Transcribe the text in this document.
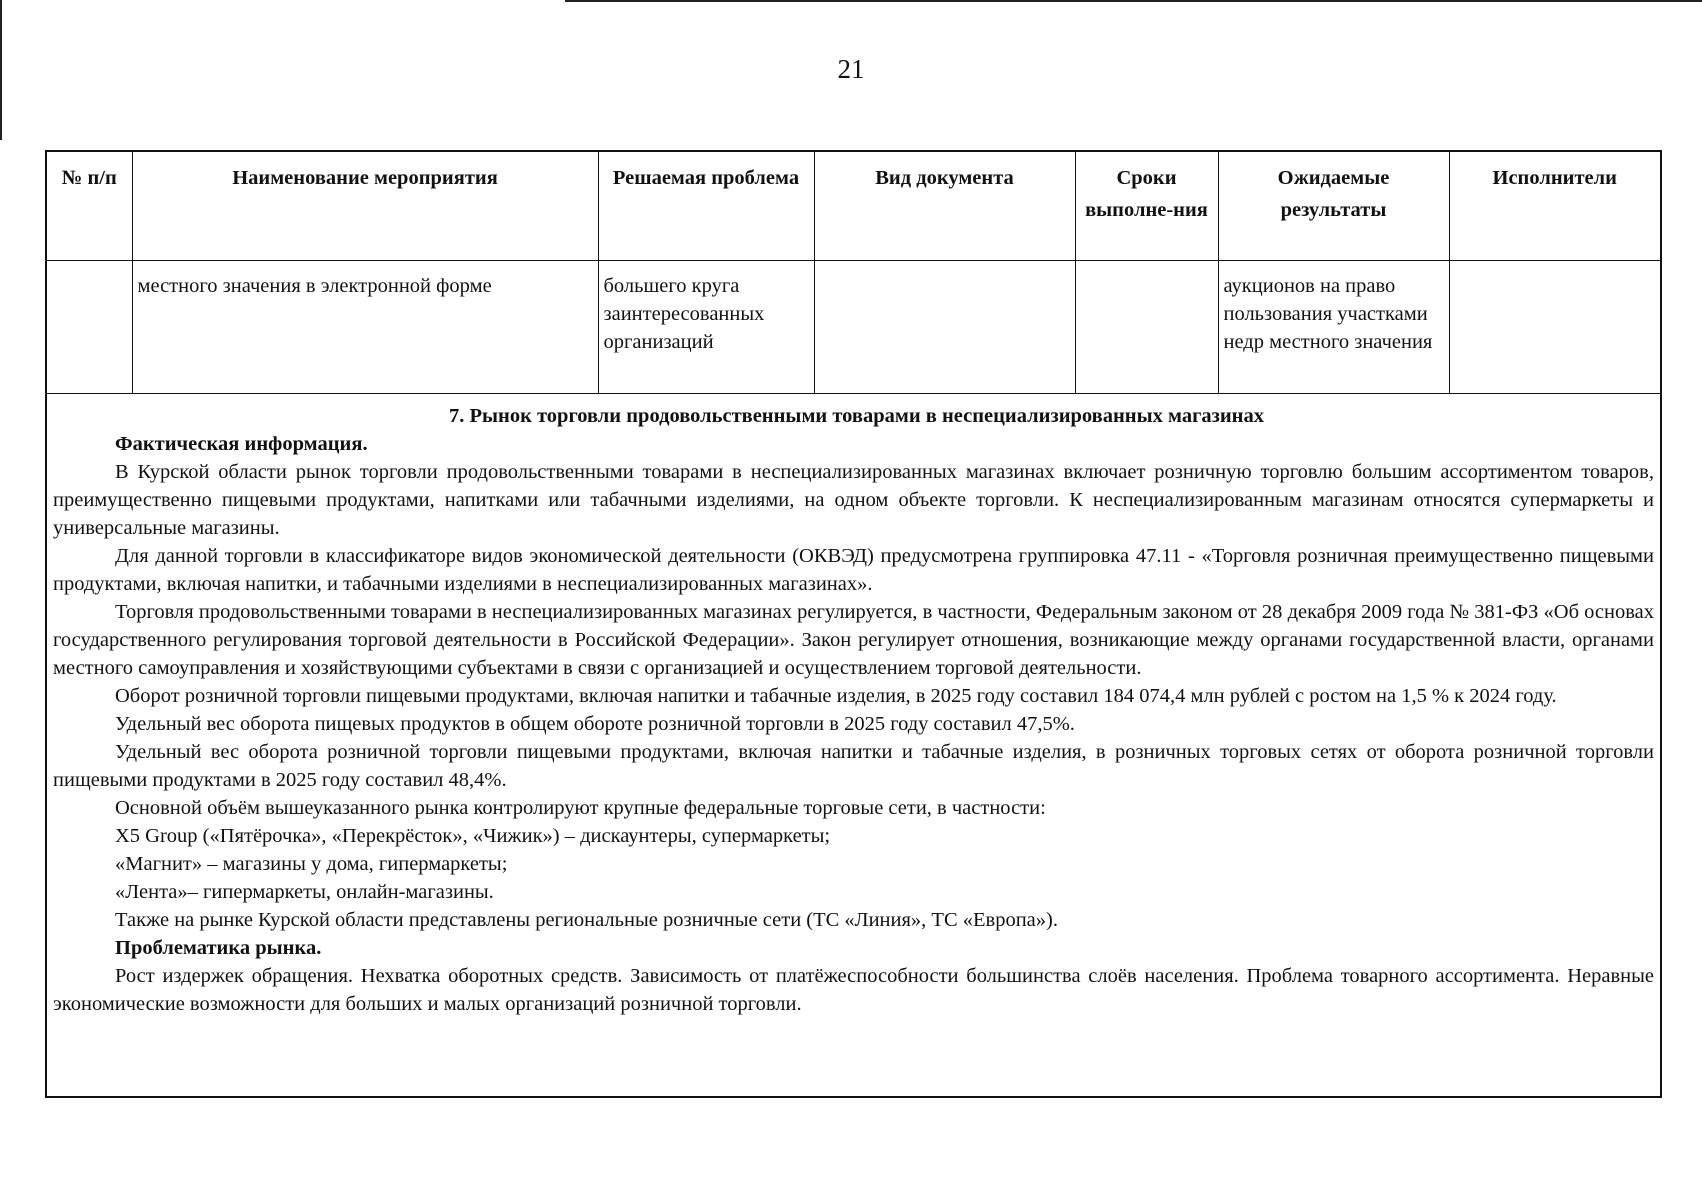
21
№ п/п	Наименование мероприятия	Решаемая проблема	Вид документа	Сроки выполне-ния	Ожидаемые результаты	Исполнители
	местного значения в электронной форме	большего круга заинтересованных организаций			аукционов на право пользования участками недр местного значения	

7. Рынок торговли продовольственными товарами в неспециализированных магазинах

Фактическая информация.

В Курской области рынок торговли продовольственными товарами в неспециализированных магазинах включает розничную торговлю большим ассортиментом товаров, преимущественно пищевыми продуктами, напитками или табачными изделиями, на одном объекте торговли. К неспециализированным магазинам относятся супермаркеты и универсальные магазины.

Для данной торговли в классификаторе видов экономической деятельности (ОКВЭД) предусмотрена группировка 47.11 - «Торговля розничная преимущественно пищевыми продуктами, включая напитки, и табачными изделиями в неспециализированных магазинах».

Торговля продовольственными товарами в неспециализированных магазинах регулируется, в частности, Федеральным законом от 28 декабря 2009 года № 381-ФЗ «Об основах государственного регулирования торговой деятельности в Российской Федерации». Закон регулирует отношения, возникающие между органами государственной власти, органами местного самоуправления и хозяйствующими субъектами в связи с организацией и осуществлением торговой деятельности.

Оборот розничной торговли пищевыми продуктами, включая напитки и табачные изделия, в 2025 году составил 184 074,4 млн рублей с ростом на 1,5 % к 2024 году.

Удельный вес оборота пищевых продуктов в общем обороте розничной торговли в 2025 году составил 47,5%.

Удельный вес оборота розничной торговли пищевыми продуктами, включая напитки и табачные изделия, в розничных торговых сетях от оборота розничной торговли пищевыми продуктами в 2025 году составил 48,4%.

Основной объём вышеуказанного рынка контролируют крупные федеральные торговые сети, в частности:

X5 Group («Пятёрочка», «Перекрёсток», «Чижик») – дискаунтеры, супермаркеты;

«Магнит» – магазины у дома, гипермаркеты;

«Лента»– гипермаркеты, онлайн-магазины.

Также на рынке Курской области представлены региональные розничные сети (ТС «Линия», ТС «Европа»).

Проблематика рынка.

Рост издержек обращения. Нехватка оборотных средств. Зависимость от платёжеспособности большинства слоёв населения. Проблема товарного ассортимента. Неравные экономические возможности для больших и малых организаций розничной торговли.
